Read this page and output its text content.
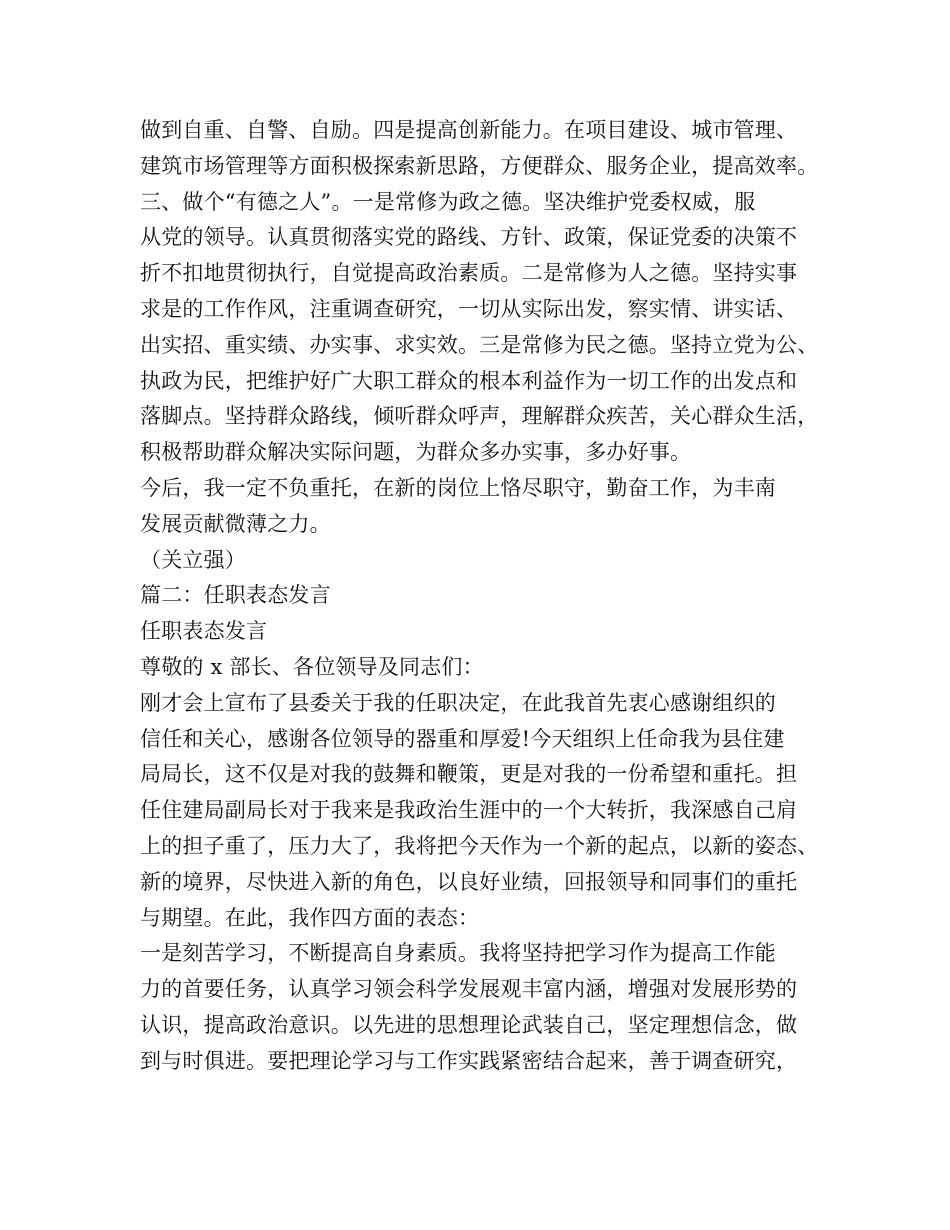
做到自重、自警、自励。四是提高创新能力。在项目建设、城市管理、
建筑市场管理等方面积极探索新思路，方便群众、服务企业，提高效率。
三、做个“有德之人”。一是常修为政之德。坚决维护党委权威，服
从党的领导。认真贯彻落实党的路线、方针、政策，保证党委的决策不
折不扣地贯彻执行，自觉提高政治素质。二是常修为人之德。坚持实事
求是的工作作风，注重调查研究，一切从实际出发，察实情、讲实话、
出实招、重实绩、办实事、求实效。三是常修为民之德。坚持立党为公、
执政为民，把维护好广大职工群众的根本利益作为一切工作的出发点和
落脚点。坚持群众路线，倾听群众呼声，理解群众疾苦，关心群众生活，
积极帮助群众解决实际问题，为群众多办实事，多办好事。
今后，我一定不负重托，在新的岗位上恪尽职守，勤奋工作，为丰南
发展贡献微薄之力。
（关立强）
篇二：任职表态发言
任职表态发言
尊敬的 x 部长、各位领导及同志们：
刚才会上宣布了县委关于我的任职决定，在此我首先衷心感谢组织的
信任和关心，感谢各位领导的器重和厚爱!今天组织上任命我为县住建
局局长，这不仅是对我的鼓舞和鞭策，更是对我的一份希望和重托。担
任住建局副局长对于我来是我政治生涯中的一个大转折，我深感自己肩
上的担子重了，压力大了，我将把今天作为一个新的起点，以新的姿态、
新的境界，尽快进入新的角色，以良好业绩，回报领导和同事们的重托
与期望。在此，我作四方面的表态：
一是刻苦学习，不断提高自身素质。我将坚持把学习作为提高工作能
力的首要任务，认真学习领会科学发展观丰富内涵，增强对发展形势的
认识，提高政治意识。以先进的思想理论武装自己，坚定理想信念，做
到与时俱进。要把理论学习与工作实践紧密结合起来，善于调查研究，
